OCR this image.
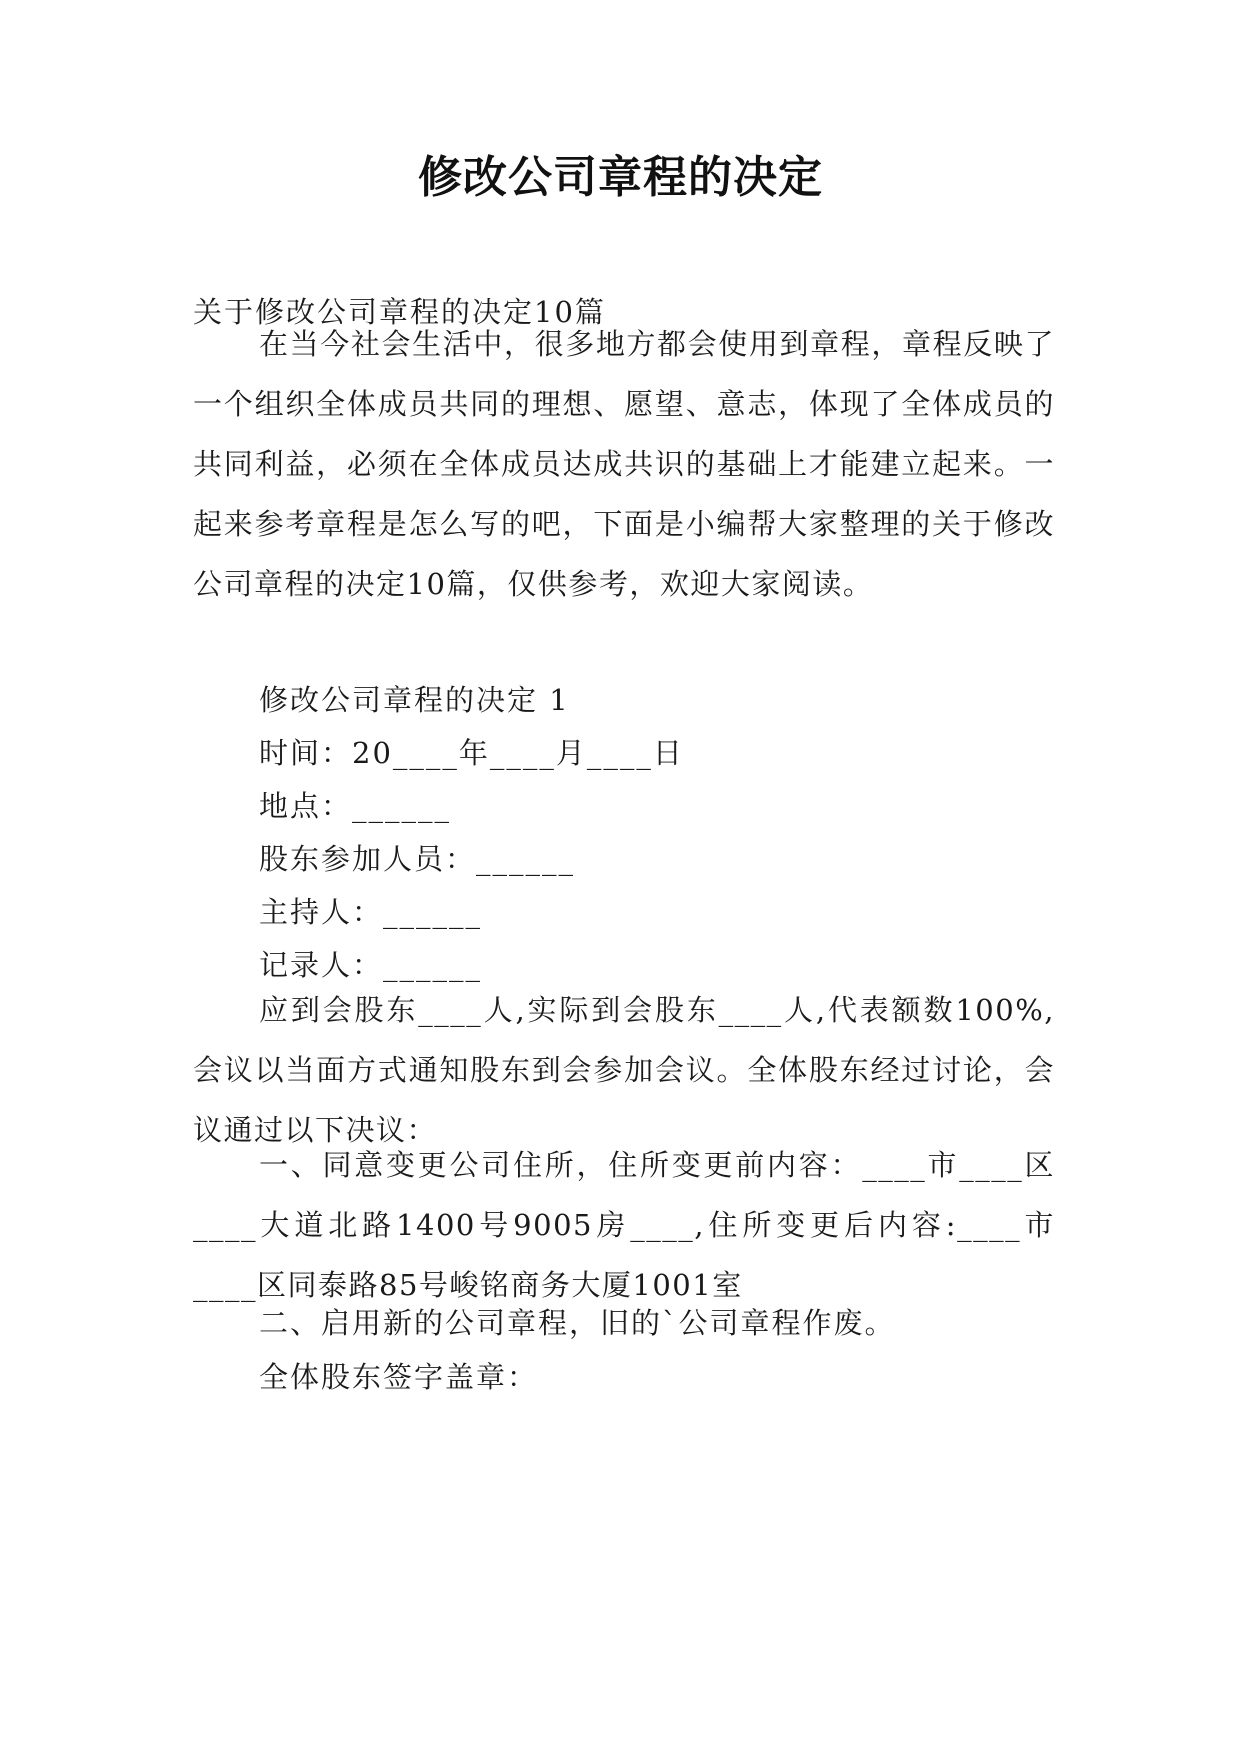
修改公司章程的决定
关于修改公司章程的决定10篇

在当今社会生活中，很多地方都会使用到章程，章程反映了一个组织全体成员共同的理想、愿望、意志，体现了全体成员的共同利益，必须在全体成员达成共识的基础上才能建立起来。一起来参考章程是怎么写的吧，下面是小编帮大家整理的关于修改公司章程的决定10篇，仅供参考，欢迎大家阅读。

修改公司章程的决定 1
时间：20____年____月____日
地点：______
股东参加人员：______
主持人：______
记录人：______

应到会股东____人,实际到会股东____人,代表额数100%,会议以当面方式通知股东到会参加会议。全体股东经过讨论，会议通过以下决议：

一、同意变更公司住所，住所变更前内容：____市____区____大道北路1400号9005房____,住所变更后内容:____市____区同泰路85号峻铭商务大厦1001室

二、启用新的公司章程，旧的`公司章程作废。
全体股东签字盖章：
